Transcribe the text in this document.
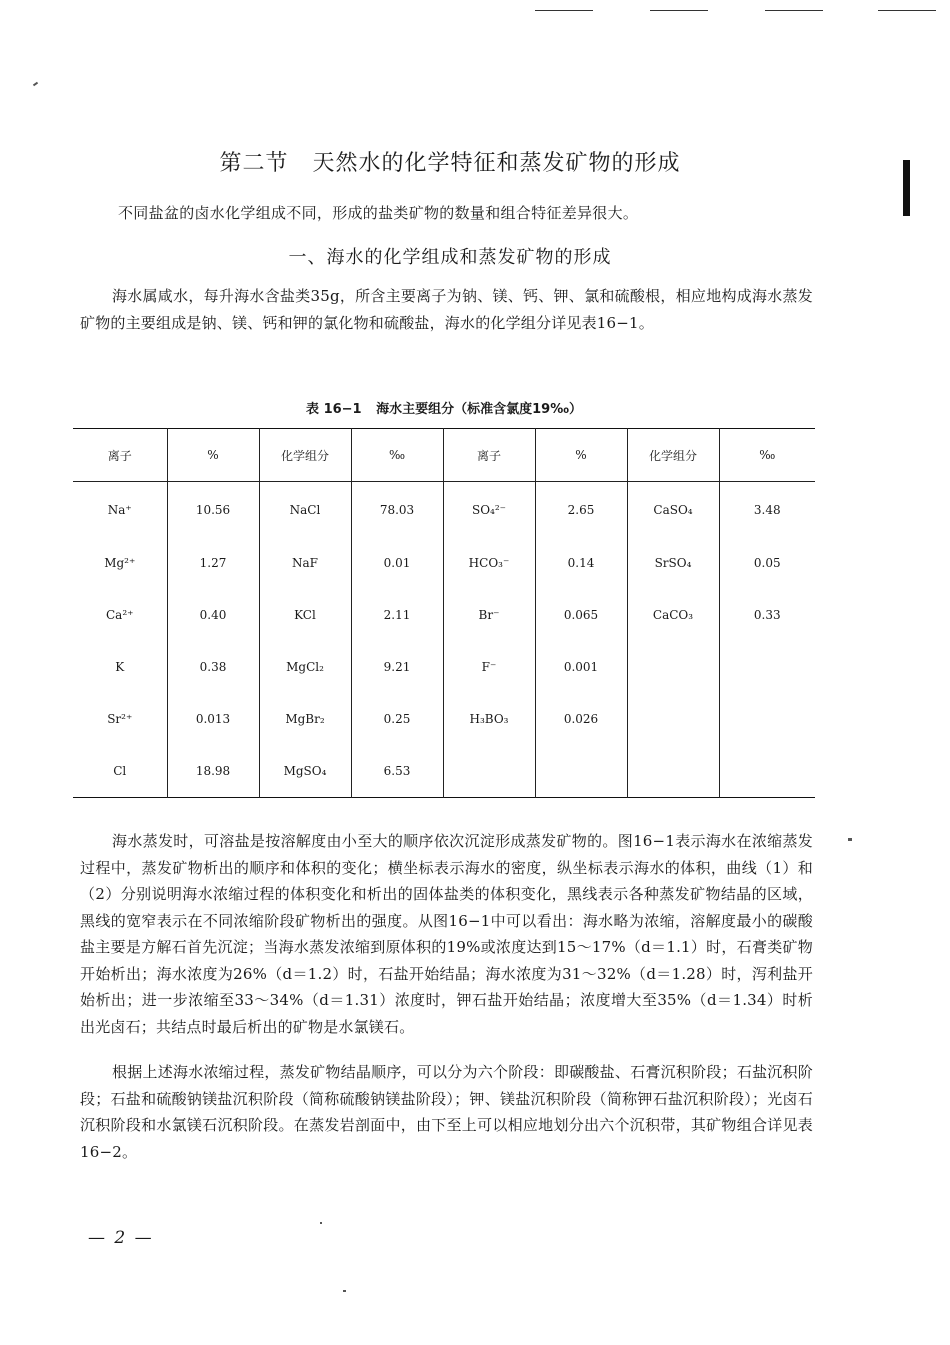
第二节 天然水的化学特征和蒸发矿物的形成

不同盐盆的卤水化学组成不同，形成的盐类矿物的数量和组合特征差异很大。

一、海水的化学组成和蒸发矿物的形成

海水属咸水，每升海水含盐类35g，所含主要离子为钠、镁、钙、钾、氯和硫酸根，相应地构成海水蒸发矿物的主要组成是钠、镁、钙和钾的氯化物和硫酸盐，海水的化学组分详见表16−1。

表 16−1 海水主要组分（标准含氯度19‰）
离子	%	化学组分	‰	离子	%	化学组分	‰
Na⁺	10.56	NaCl	78.03	SO₄²⁻	2.65	CaSO₄	3.48
Mg²⁺	1.27	NaF	0.01	HCO₃⁻	0.14	SrSO₄	0.05
Ca²⁺	0.40	KCl	2.11	Br⁻	0.065	CaCO₃	0.33
K	0.38	MgCl₂	9.21	F⁻	0.001		
Sr²⁺	0.013	MgBr₂	0.25	H₃BO₃	0.026		
Cl	18.98	MgSO₄	6.53				

海水蒸发时，可溶盐是按溶解度由小至大的顺序依次沉淀形成蒸发矿物的。图16−1表示海水在浓缩蒸发过程中，蒸发矿物析出的顺序和体积的变化；横坐标表示海水的密度，纵坐标表示海水的体积，曲线（1）和（2）分别说明海水浓缩过程的体积变化和析出的固体盐类的体积变化，黑线表示各种蒸发矿物结晶的区域，黑线的宽窄表示在不同浓缩阶段矿物析出的强度。从图16−1中可以看出：海水略为浓缩，溶解度最小的碳酸盐主要是方解石首先沉淀；当海水蒸发浓缩到原体积的19%或浓度达到15～17%（d＝1.1）时，石膏类矿物开始析出；海水浓度为26%（d＝1.2）时，石盐开始结晶；海水浓度为31～32%（d＝1.28）时，泻利盐开始析出；进一步浓缩至33～34%（d＝1.31）浓度时，钾石盐开始结晶；浓度增大至35%（d＝1.34）时析出光卤石；共结点时最后析出的矿物是水氯镁石。

根据上述海水浓缩过程，蒸发矿物结晶顺序，可以分为六个阶段：即碳酸盐、石膏沉积阶段；石盐沉积阶段；石盐和硫酸钠镁盐沉积阶段（简称硫酸钠镁盐阶段）；钾、镁盐沉积阶段（简称钾石盐沉积阶段）；光卤石沉积阶段和水氯镁石沉积阶段。在蒸发岩剖面中，由下至上可以相应地划分出六个沉积带，其矿物组合详见表16−2。

— 2 —
